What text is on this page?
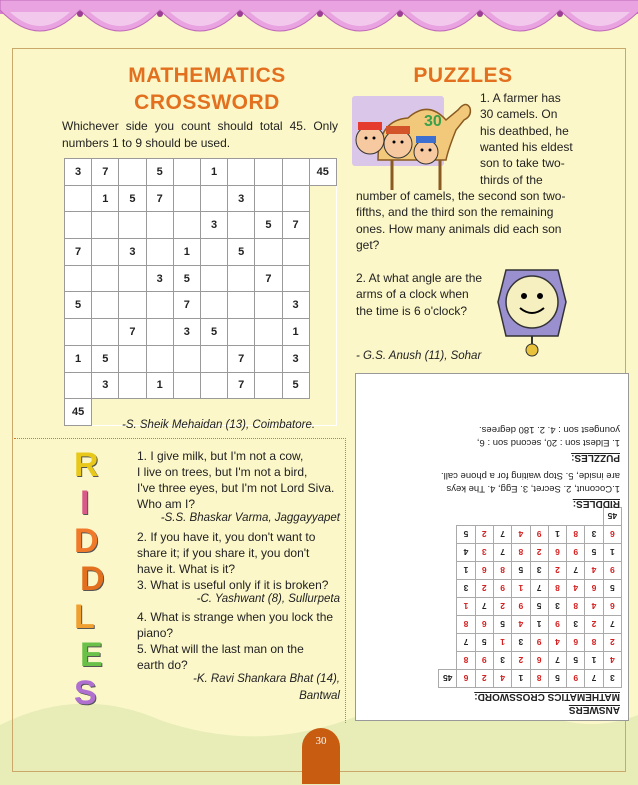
MATHEMATICS
CROSSWORD
Whichever side you count should total 45. Only numbers 1 to 9 should be used.
3	7		5		1				45
	1	5	7			3			
					3		5	7	
7		3		1		5			
			3	5			7		
5				7				3	
		7		3	5			1	
1	5					7		3	
	3		1			7		5	
45									
-S. Sheik Mehaidan (13), Coimbatore.
PUZZLES
30
1. A farmer has
30 camels. On
his deathbed, he
wanted his eldest
son to take two-
thirds of the
number of camels, the second son two-
fifths, and the third son the remaining
ones. How many animals did each son
get?
2. At what angle are the
arms of a clock when
the time is 6 o'clock?
- G.S. Anush (11), Sohar
R
I
D
D
L
E
S
1. I give milk, but I'm not a cow,
I live on trees, but I'm not a bird,
I've three eyes, but I'm not Lord Siva.
Who am I?
-S.S. Bhaskar Varma, Jaggayyapet
2. If you have it, you don't want to
share it; if you share it, you don't
have it. What is it?
3. What is useful only if it is broken?
-C. Yashwant (8), Sullurpeta
4. What is strange when you lock the
piano?
5. What will the last man on the
earth do?
-K. Ravi Shankara Bhat (14),
Bantwal
ANSWERS
MATHEMATICS CROSSWORD:
3	7	9	5	8	1	4	2	6	45
4	1	5	7	6	2	3	9	8	
2	8	6	4	9	3	1	5	7	
7	2	3	9	1	4	5	6	8	
6	4	8	3	5	9	2	7	1	
5	6	4	8	7	1	9	2	3	
9	4	7	2	3	5	8	6	1	
1	5	9	6	2	8	7	3	4	
6	3	8	1	9	4	7	2	5	
45									
RIDDLES:
1.Coconut, 2. Secret, 3. Egg, 4. The keys
are inside, 5. Stop waiting for a phone call.
PUZZLES:
1. Eldest son : 20, second son : 6,
youngest son : 4. 2. 180 degrees.
30
